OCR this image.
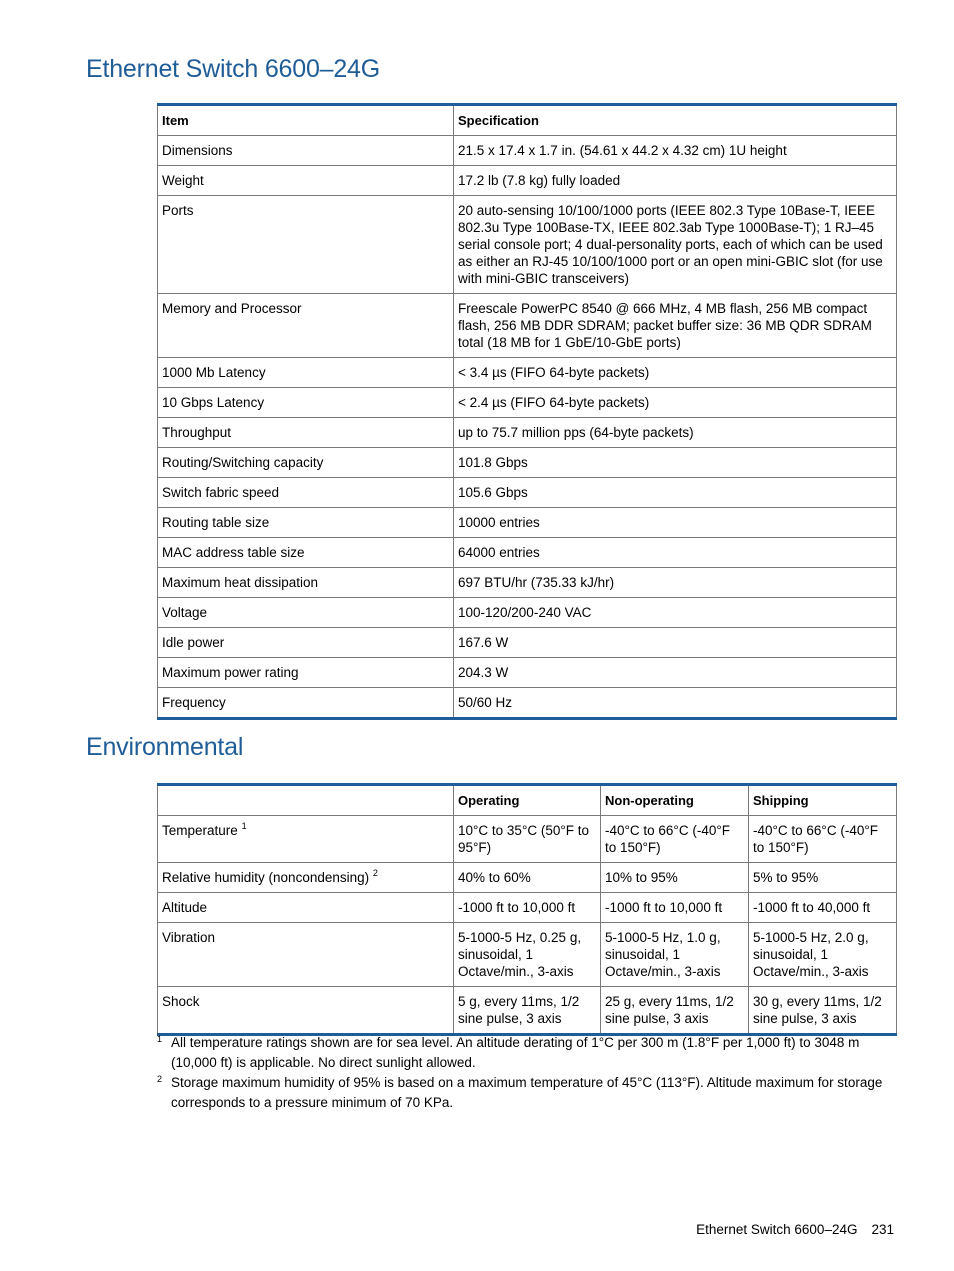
Ethernet Switch 6600–24G
Item	Specification
Dimensions	21.5 x 17.4 x 1.7 in. (54.61 x 44.2 x 4.32 cm) 1U height
Weight	17.2 lb (7.8 kg) fully loaded
Ports	20 auto-sensing 10/100/1000 ports (IEEE 802.3 Type 10Base-T, IEEE 802.3u Type 100Base-TX, IEEE 802.3ab Type 1000Base-T); 1 RJ–45 serial console port; 4 dual-personality ports, each of which can be used as either an RJ-45 10/100/1000 port or an open mini-GBIC slot (for use with mini-GBIC transceivers)
Memory and Processor	Freescale PowerPC 8540 @ 666 MHz, 4 MB flash, 256 MB compact flash, 256 MB DDR SDRAM; packet buffer size: 36 MB QDR SDRAM total (18 MB for 1 GbE/10-GbE ports)
1000 Mb Latency	< 3.4 µs (FIFO 64-byte packets)
10 Gbps Latency	< 2.4 µs (FIFO 64-byte packets)
Throughput	up to 75.7 million pps (64-byte packets)
Routing/Switching capacity	101.8 Gbps
Switch fabric speed	105.6 Gbps
Routing table size	10000 entries
MAC address table size	64000 entries
Maximum heat dissipation	697 BTU/hr (735.33 kJ/hr)
Voltage	100-120/200-240 VAC
Idle power	167.6 W
Maximum power rating	204.3 W
Frequency	50/60 Hz
Environmental
	Operating	Non-operating	Shipping
Temperature $^1$	10°C to 35°C (50°F to 95°F)	-40°C to 66°C (-40°F to 150°F)	-40°C to 66°C (-40°F to 150°F)
Relative humidity (noncondensing) $^2$	40% to 60%	10% to 95%	5% to 95%
Altitude	-1000 ft to 10,000 ft	-1000 ft to 10,000 ft	-1000 ft to 40,000 ft
Vibration	5-1000-5 Hz, 0.25 g, sinusoidal, 1 Octave/min., 3-axis	5-1000-5 Hz, 1.0 g, sinusoidal, 1 Octave/min., 3-axis	5-1000-5 Hz, 2.0 g, sinusoidal, 1 Octave/min., 3-axis
Shock	5 g, every 11ms, 1/2 sine pulse, 3 axis	25 g, every 11ms, 1/2 sine pulse, 3 axis	30 g, every 11ms, 1/2 sine pulse, 3 axis
1 All temperature ratings shown are for sea level. An altitude derating of 1°C per 300 m (1.8°F per 1,000 ft) to 3048 m (10,000 ft) is applicable. No direct sunlight allowed.
2 Storage maximum humidity of 95% is based on a maximum temperature of 45°C (113°F). Altitude maximum for storage corresponds to a pressure minimum of 70 KPa.
Ethernet Switch 6600–24G 231
